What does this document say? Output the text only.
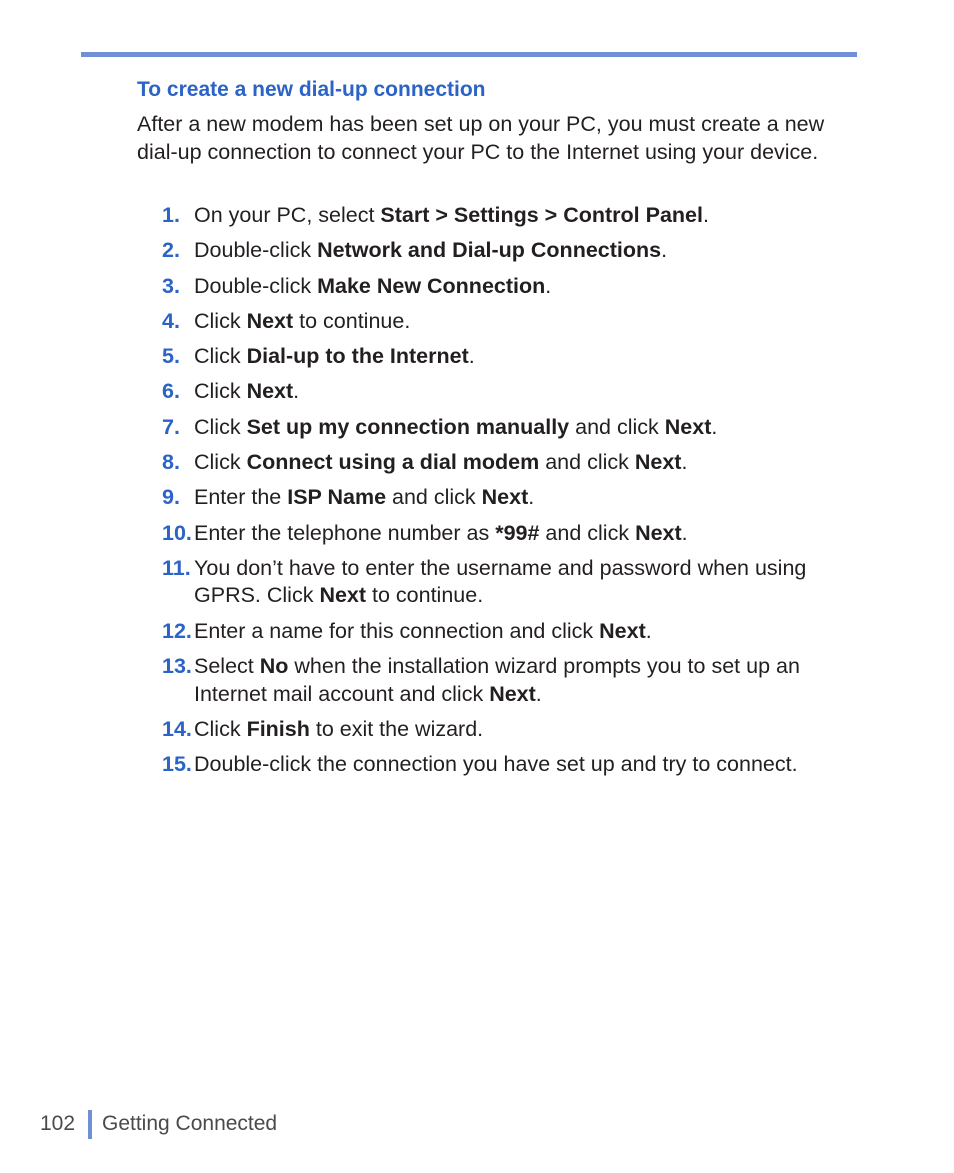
To create a new dial-up connection

After a new modem has been set up on your PC, you must create a new dial-up connection to connect your PC to the Internet using your device.

1. On your PC, select Start > Settings > Control Panel.
2. Double-click Network and Dial-up Connections.
3. Double-click Make New Connection.
4. Click Next to continue.
5. Click Dial-up to the Internet.
6. Click Next.
7. Click Set up my connection manually and click Next.
8. Click Connect using a dial modem and click Next.
9. Enter the ISP Name and click Next.
10. Enter the telephone number as *99# and click Next.
11. You don’t have to enter the username and password when using GPRS. Click Next to continue.
12. Enter a name for this connection and click Next.
13. Select No when the installation wizard prompts you to set up an Internet mail account and click Next.
14. Click Finish to exit the wizard.
15. Double-click the connection you have set up and try to connect.
102 Getting Connected
